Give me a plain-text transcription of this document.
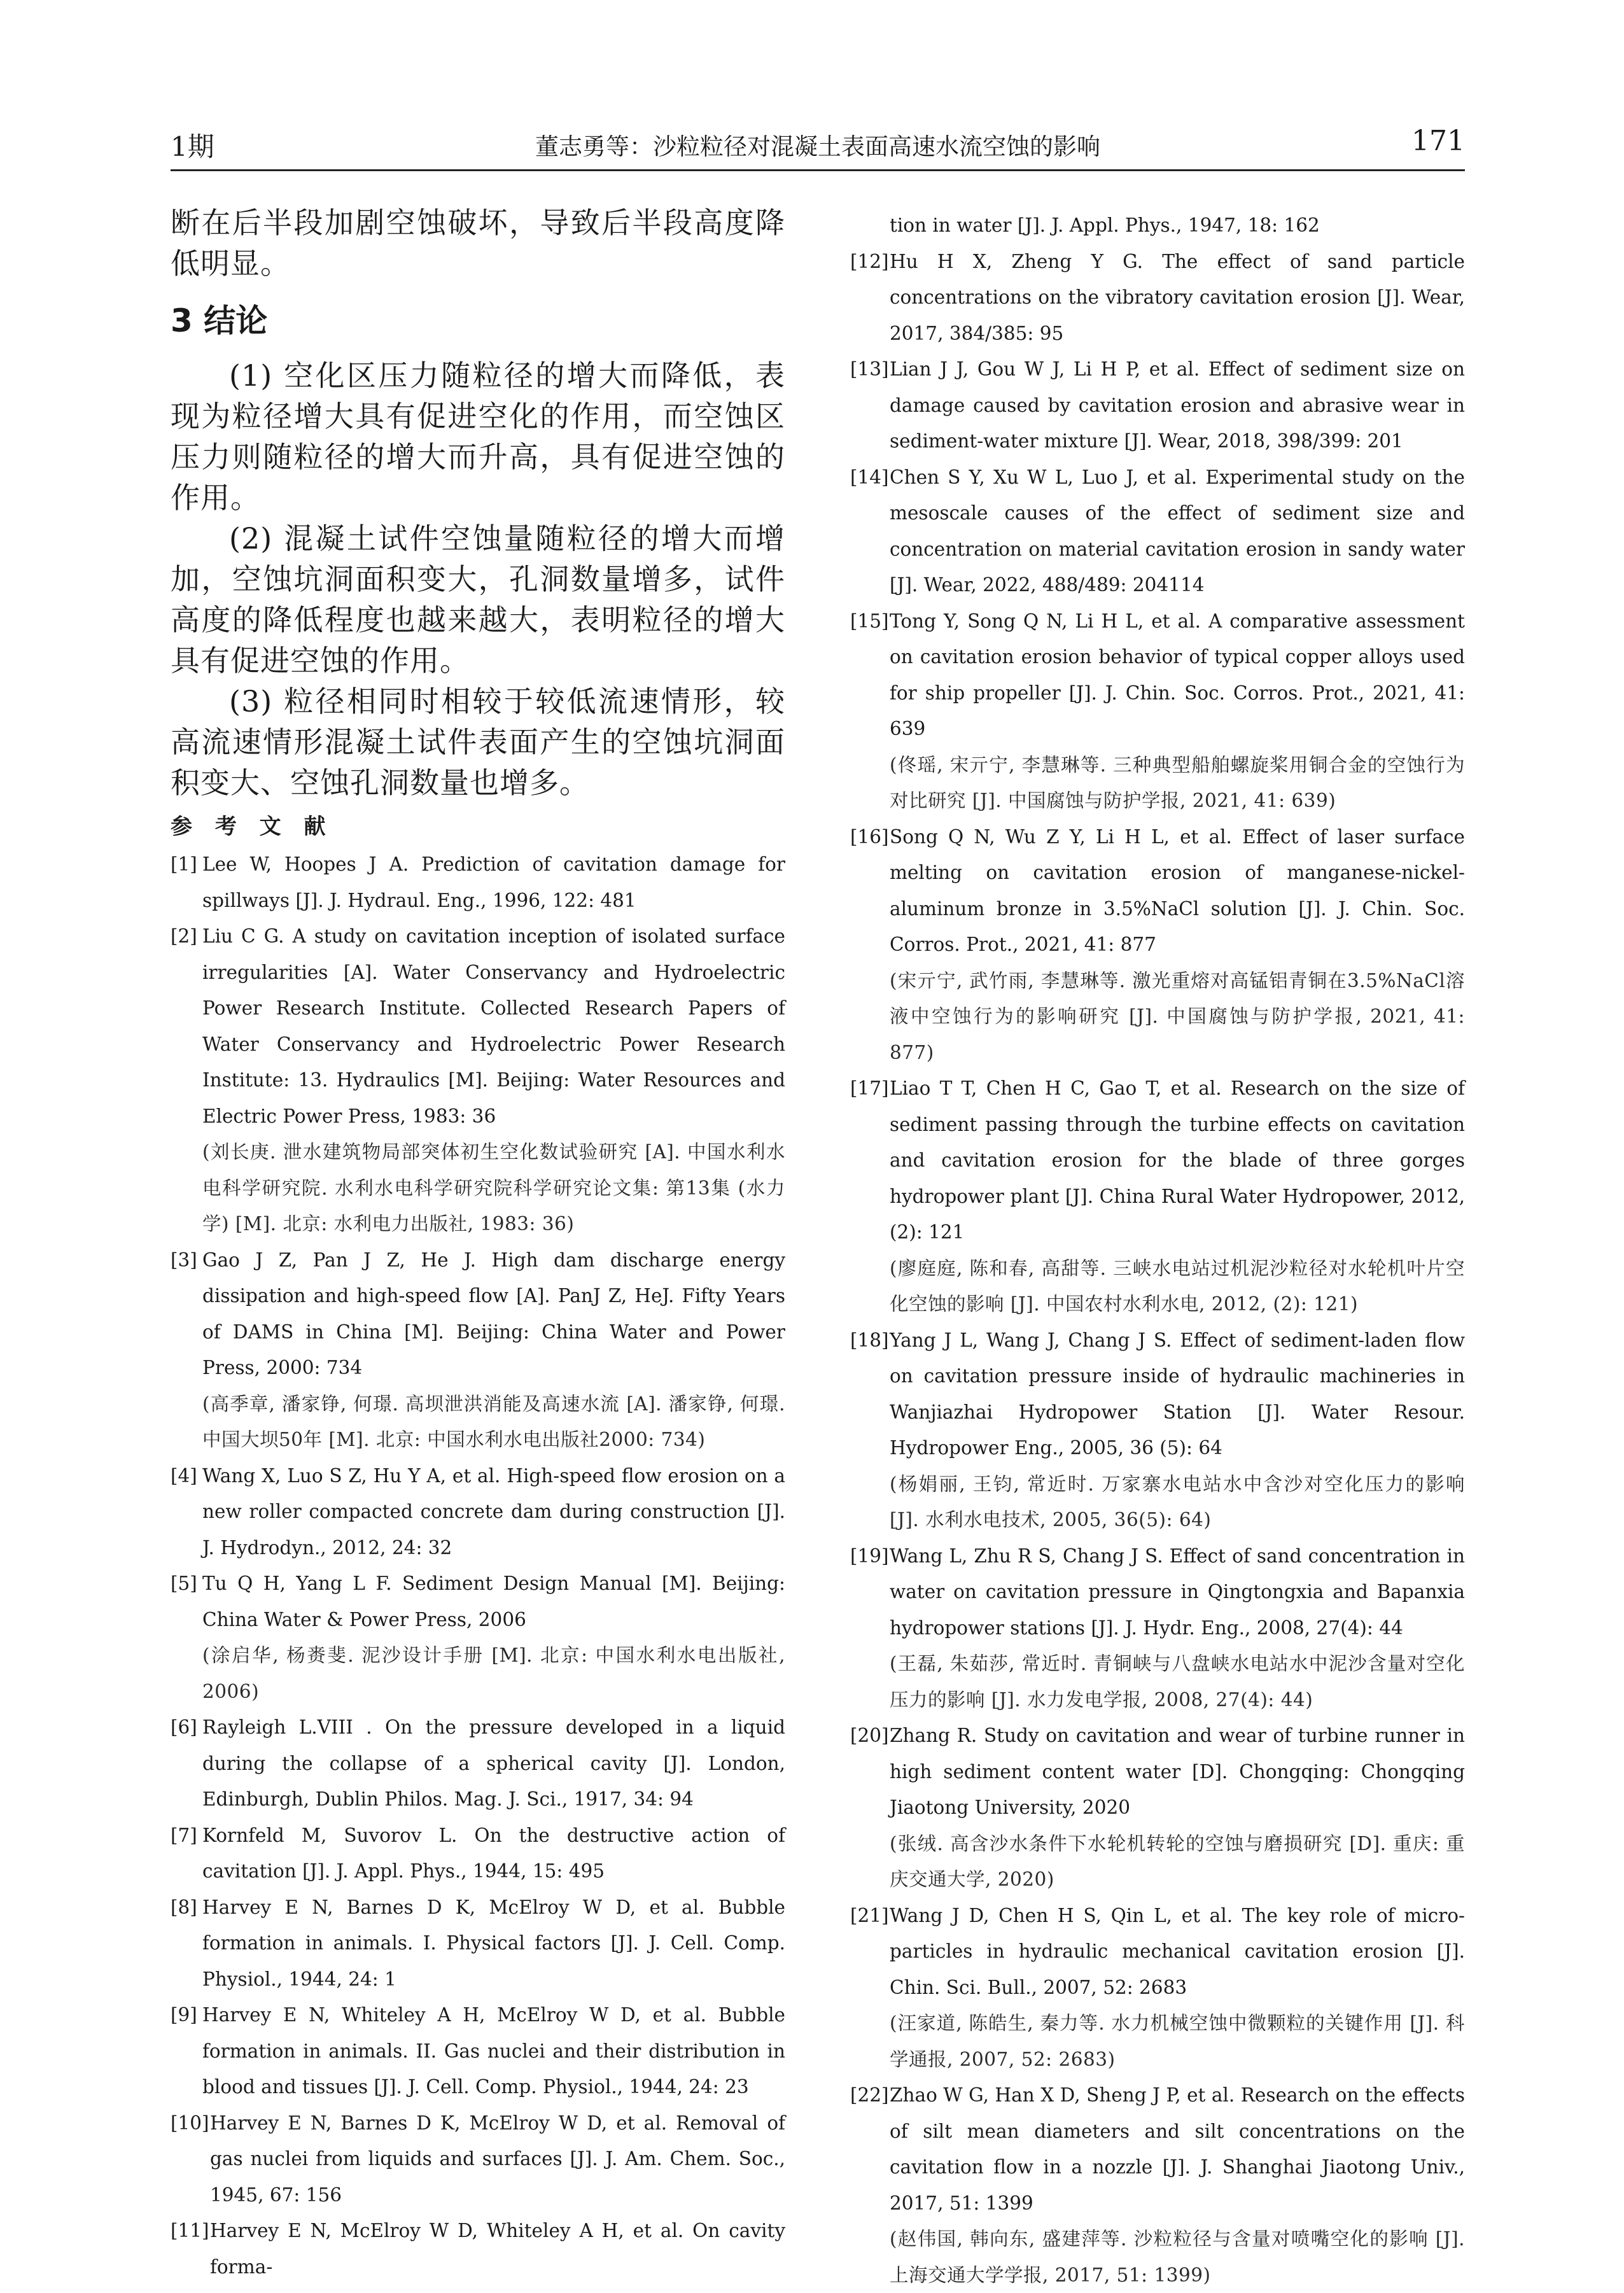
1期	董志勇等：沙粒粒径对混凝土表面高速水流空蚀的影响	171

断在后半段加剧空蚀破坏，导致后半段高度降低明显。

3 结论

(1) 空化区压力随粒径的增大而降低，表现为粒径增大具有促进空化的作用，而空蚀区压力则随粒径的增大而升高，具有促进空蚀的作用。

(2) 混凝土试件空蚀量随粒径的增大而增加，空蚀坑洞面积变大，孔洞数量增多，试件高度的降低程度也越来越大，表明粒径的增大具有促进空蚀的作用。

(3) 粒径相同时相较于较低流速情形，较高流速情形混凝土试件表面产生的空蚀坑洞面积变大、空蚀孔洞数量也增多。

参 考 文 献
[1] Lee W, Hoopes J A. Prediction of cavitation damage for spillways [J]. J. Hydraul. Eng., 1996, 122: 481
[2] Liu C G. A study on cavitation inception of isolated surface irregularities [A]. Water Conservancy and Hydroelectric Power Research Institute. Collected Research Papers of Water Conservancy and Hydroelectric Power Research Institute: 13. Hydraulics [M]. Beijing: Water Resources and Electric Power Press, 1983: 36
(刘长庚. 泄水建筑物局部突体初生空化数试验研究 [A]. 中国水利水电科学研究院. 水利水电科学研究院科学研究论文集: 第13集 (水力学) [M]. 北京: 水利电力出版社, 1983: 36)
[3] Gao J Z, Pan J Z, He J. High dam discharge energy dissipation and high-speed flow [A]. PanJ Z, HeJ. Fifty Years of DAMS in China [M]. Beijing: China Water and Power Press, 2000: 734
(高季章, 潘家铮, 何璟. 高坝泄洪消能及高速水流 [A]. 潘家铮, 何璟. 中国大坝50年 [M]. 北京: 中国水利水电出版社2000: 734)
[4] Wang X, Luo S Z, Hu Y A, et al. High-speed flow erosion on a new roller compacted concrete dam during construction [J]. J. Hydrodyn., 2012, 24: 32
[5] Tu Q H, Yang L F. Sediment Design Manual [M]. Beijing: China Water & Power Press, 2006
(涂启华, 杨赉斐. 泥沙设计手册 [M]. 北京: 中国水利水电出版社, 2006)
[6] Rayleigh L.VIII . On the pressure developed in a liquid during the collapse of a spherical cavity [J]. London, Edinburgh, Dublin Philos. Mag. J. Sci., 1917, 34: 94
[7] Kornfeld M, Suvorov L. On the destructive action of cavitation [J]. J. Appl. Phys., 1944, 15: 495
[8] Harvey E N, Barnes D K, McElroy W D, et al. Bubble formation in animals. I. Physical factors [J]. J. Cell. Comp. Physiol., 1944, 24: 1
[9] Harvey E N, Whiteley A H, McElroy W D, et al. Bubble formation in animals. II. Gas nuclei and their distribution in blood and tissues [J]. J. Cell. Comp. Physiol., 1944, 24: 23
[10] Harvey E N, Barnes D K, McElroy W D, et al. Removal of gas nuclei from liquids and surfaces [J]. J. Am. Chem. Soc., 1945, 67: 156
[11] Harvey E N, McElroy W D, Whiteley A H, et al. On cavity forma-
tion in water [J]. J. Appl. Phys., 1947, 18: 162
[12] Hu H X, Zheng Y G. The effect of sand particle concentrations on the vibratory cavitation erosion [J]. Wear, 2017, 384/385: 95
[13] Lian J J, Gou W J, Li H P, et al. Effect of sediment size on damage caused by cavitation erosion and abrasive wear in sediment-water mixture [J]. Wear, 2018, 398/399: 201
[14] Chen S Y, Xu W L, Luo J, et al. Experimental study on the mesoscale causes of the effect of sediment size and concentration on material cavitation erosion in sandy water [J]. Wear, 2022, 488/489: 204114
[15] Tong Y, Song Q N, Li H L, et al. A comparative assessment on cavitation erosion behavior of typical copper alloys used for ship propeller [J]. J. Chin. Soc. Corros. Prot., 2021, 41: 639
(佟瑶, 宋亓宁, 李慧琳等. 三种典型船舶螺旋桨用铜合金的空蚀行为对比研究 [J]. 中国腐蚀与防护学报, 2021, 41: 639)
[16] Song Q N, Wu Z Y, Li H L, et al. Effect of laser surface melting on cavitation erosion of manganese-nickel-aluminum bronze in 3.5%NaCl solution [J]. J. Chin. Soc. Corros. Prot., 2021, 41: 877
(宋亓宁, 武竹雨, 李慧琳等. 激光重熔对高锰铝青铜在3.5%NaCl溶液中空蚀行为的影响研究 [J]. 中国腐蚀与防护学报, 2021, 41: 877)
[17] Liao T T, Chen H C, Gao T, et al. Research on the size of sediment passing through the turbine effects on cavitation and cavitation erosion for the blade of three gorges hydropower plant [J]. China Rural Water Hydropower, 2012, (2): 121
(廖庭庭, 陈和春, 高甜等. 三峡水电站过机泥沙粒径对水轮机叶片空化空蚀的影响 [J]. 中国农村水利水电, 2012, (2): 121)
[18] Yang J L, Wang J, Chang J S. Effect of sediment-laden flow on cavitation pressure inside of hydraulic machineries in Wanjiazhai Hydropower Station [J]. Water Resour. Hydropower Eng., 2005, 36 (5): 64
(杨娟丽, 王钧, 常近时. 万家寨水电站水中含沙对空化压力的影响 [J]. 水利水电技术, 2005, 36(5): 64)
[19] Wang L, Zhu R S, Chang J S. Effect of sand concentration in water on cavitation pressure in Qingtongxia and Bapanxia hydropower stations [J]. J. Hydr. Eng., 2008, 27(4): 44
(王磊, 朱茹莎, 常近时. 青铜峡与八盘峡水电站水中泥沙含量对空化压力的影响 [J]. 水力发电学报, 2008, 27(4): 44)
[20] Zhang R. Study on cavitation and wear of turbine runner in high sediment content water [D]. Chongqing: Chongqing Jiaotong University, 2020
(张绒. 高含沙水条件下水轮机转轮的空蚀与磨损研究 [D]. 重庆: 重庆交通大学, 2020)
[21] Wang J D, Chen H S, Qin L, et al. The key role of micro-particles in hydraulic mechanical cavitation erosion [J]. Chin. Sci. Bull., 2007, 52: 2683
(汪家道, 陈皓生, 秦力等. 水力机械空蚀中微颗粒的关键作用 [J]. 科学通报, 2007, 52: 2683)
[22] Zhao W G, Han X D, Sheng J P, et al. Research on the effects of silt mean diameters and silt concentrations on the cavitation flow in a nozzle [J]. J. Shanghai Jiaotong Univ., 2017, 51: 1399
(赵伟国, 韩向东, 盛建萍等. 沙粒粒径与含量对喷嘴空化的影响 [J]. 上海交通大学学报, 2017, 51: 1399)
